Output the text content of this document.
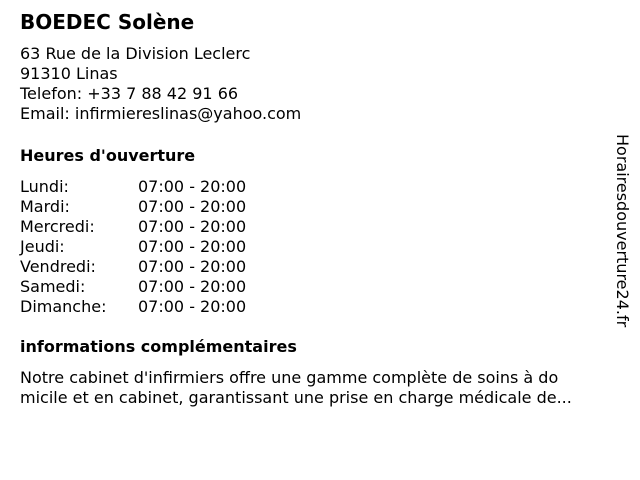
BOEDEC Solène
63 Rue de la Division Leclerc
91310 Linas
Telefon: +33 7 88 42 91 66
Email: infirmiereslinas@yahoo.com
Heures d'ouverture
Lundi:	07:00 - 20:00
Mardi:	07:00 - 20:00
Mercredi:	07:00 - 20:00
Jeudi:	07:00 - 20:00
Vendredi:	07:00 - 20:00
Samedi:	07:00 - 20:00
Dimanche:	07:00 - 20:00
informations complémentaires
Notre cabinet d'infirmiers offre une gamme complète de soins à do
micile et en cabinet, garantissant une prise en charge médicale de...
Horairesdouverture24.fr
